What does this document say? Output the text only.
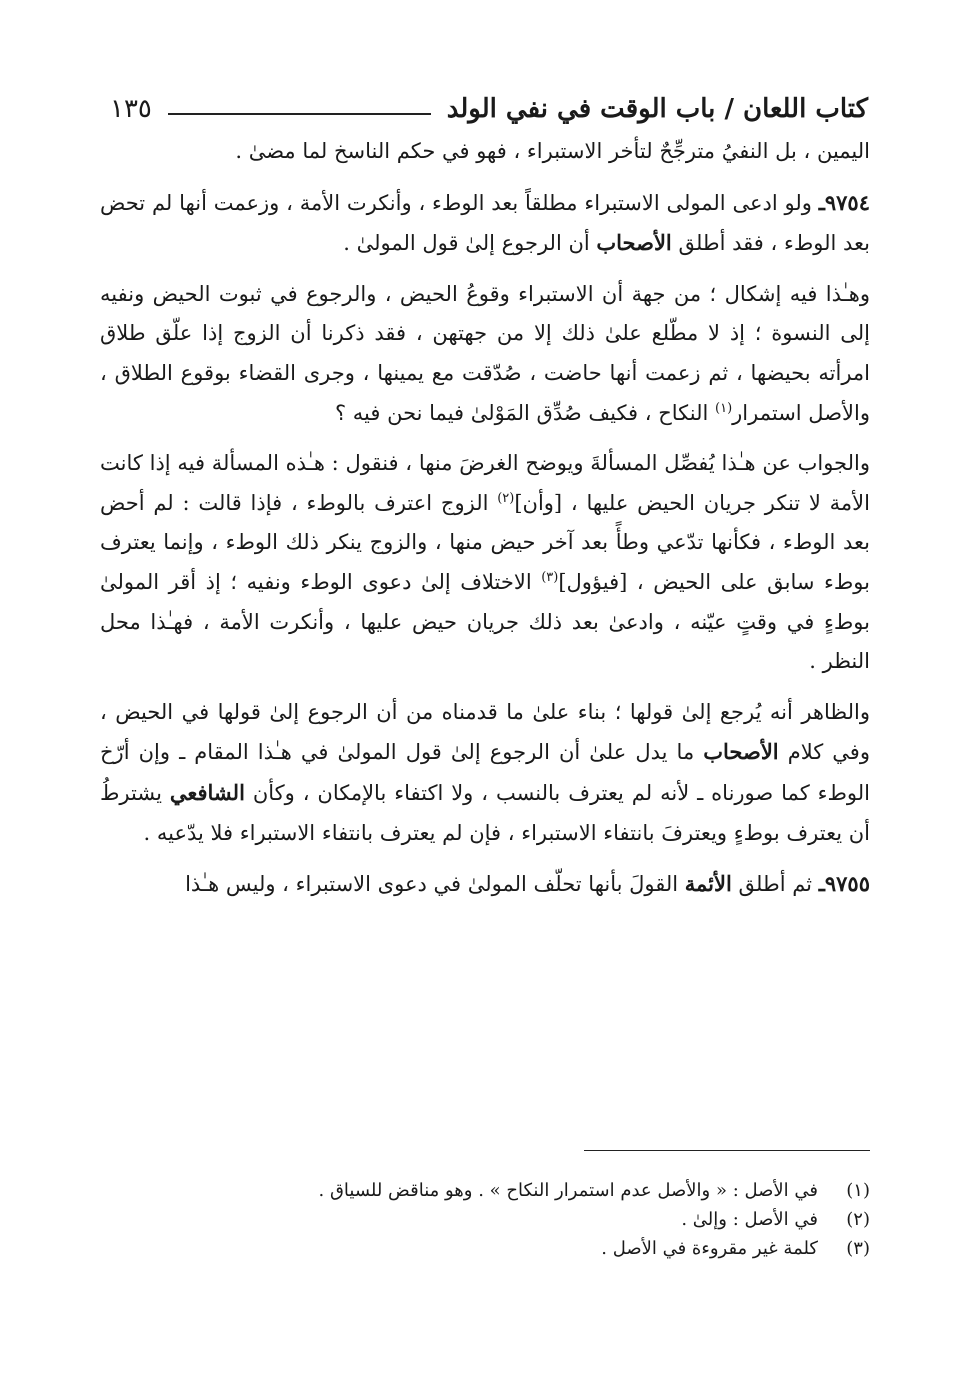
كتاب اللعان / باب الوقت في نفي الولد
١٣٥

اليمين ، بل النفيُ مترجِّحٌ لتأخر الاستبراء ، فهو في حكم الناسخ لما مضىٰ .

٩٧٥٤ـ ولو ادعى المولى الاستبراء مطلقاً بعد الوطء ، وأنكرت الأمة ، وزعمت أنها لم تحض بعد الوطء ، فقد أطلق الأصحاب أن الرجوع إلىٰ قول المولىٰ .

وهـٰذا فيه إشكال ؛ من جهة أن الاستبراء وقوعُ الحيض ، والرجوع في ثبوت الحيض ونفيه إلى النسوة ؛ إذ لا مطّلع علىٰ ذلك إلا من جهتهن ، فقد ذكرنا أن الزوج إذا علّق طلاق امرأته بحيضها ، ثم زعمت أنها حاضت ، صُدّقت مع يمينها ، وجرى القضاء بوقوع الطلاق ، والأصل استمرار$^{(١)}$ النكاح ، فكيف صُدِّق المَوْلىٰ فيما نحن فيه ؟

والجواب عن هـٰذا يُفصِّل المسألةَ ويوضح الغرضَ منها ، فنقول : هـٰذه المسألة فيه إذا كانت الأمة لا تنكر جريان الحيض عليها ، [وأن]$^{(٢)}$ الزوج اعترف بالوطء ، فإذا قالت : لم أحض بعد الوطء ، فكأنها تدّعي وطأً بعد آخر حيض منها ، والزوج ينكر ذلك الوطء ، وإنما يعترف بوطء سابق على الحيض ، [فيؤول]$^{(٣)}$ الاختلاف إلىٰ دعوى الوطء ونفيه ؛ إذ أقر المولىٰ بوطءٍ في وقتٍ عيّنه ، وادعىٰ بعد ذلك جريان حيض عليها ، وأنكرت الأمة ، فهـٰذا محل النظر .

والظاهر أنه يُرجع إلىٰ قولها ؛ بناء علىٰ ما قدمناه من أن الرجوع إلىٰ قولها في الحيض ، وفي كلام الأصحاب ما يدل علىٰ أن الرجوع إلىٰ قول المولىٰ في هـٰذا المقام ـ وإن أرّخ الوطء كما صورناه ـ لأنه لم يعترف بالنسب ، ولا اكتفاء بالإمكان ، وكأن الشافعي يشترطُ أن يعترف بوطءٍ ويعترفَ بانتفاء الاستبراء ، فإن لم يعترف بانتفاء الاستبراء فلا يدّعيه .

٩٧٥٥ـ ثم أطلق الأئمة القولَ بأنها تحلّف المولىٰ في دعوى الاستبراء ، وليس هـٰذا

(١)
في الأصل : « والأصل عدم استمرار النكاح » . وهو مناقض للسياق .
(٢)
في الأصل : وإلىٰ .
(٣)
كلمة غير مقروءة في الأصل .
